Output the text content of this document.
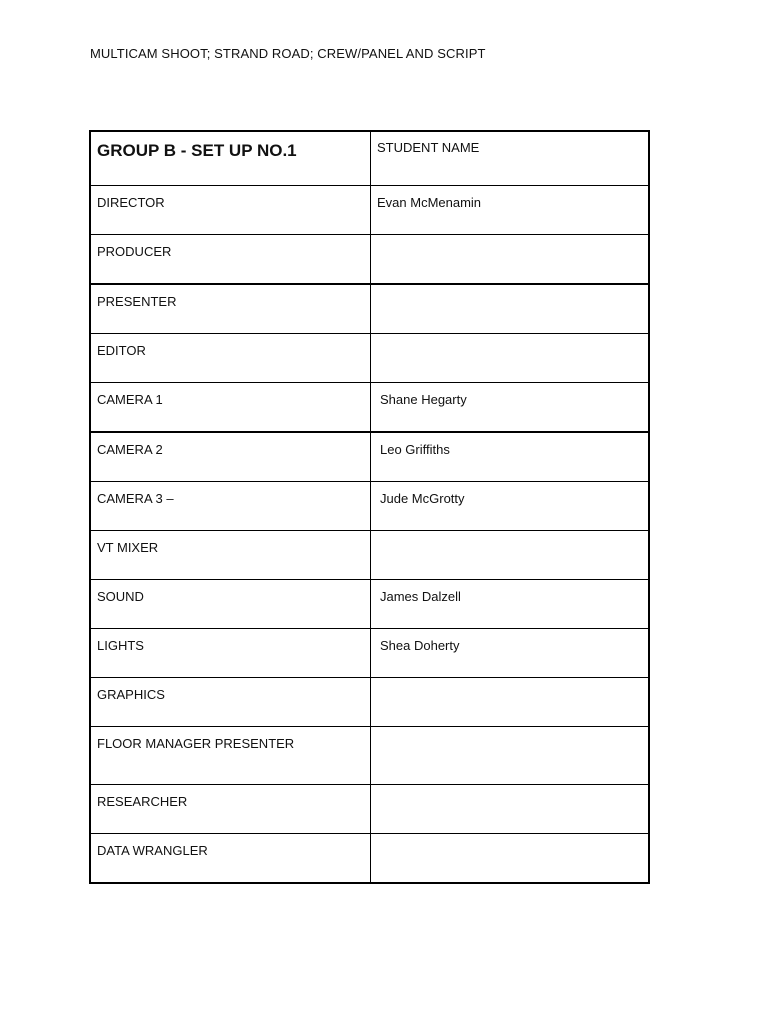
MULTICAM SHOOT; STRAND ROAD; CREW/PANEL AND SCRIPT
GROUP B - SET UP NO.1	STUDENT NAME

DIRECTOR	Evan McMenamin

PRODUCER	

PRESENTER	

EDITOR	

CAMERA 1	Shane Hegarty

CAMERA 2	Leo Griffiths

CAMERA 3 –	Jude McGrotty

VT MIXER	

SOUND	James Dalzell

LIGHTS	Shea Doherty

GRAPHICS	

FLOOR MANAGER PRESENTER	

RESEARCHER	

DATA WRANGLER	
